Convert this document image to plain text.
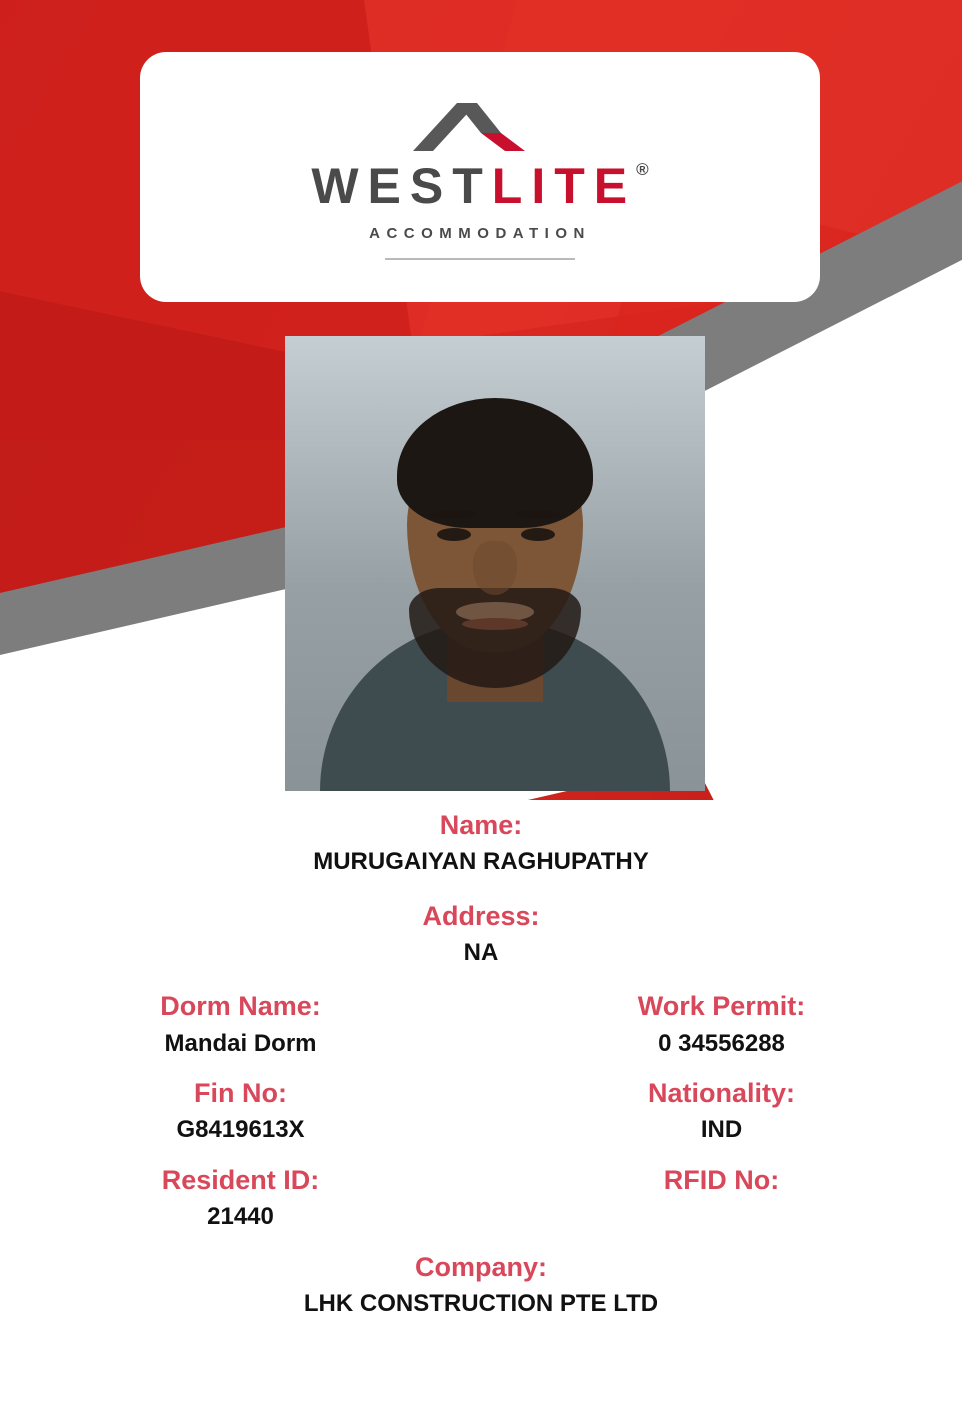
WESTLITE®
ACCOMMODATION
Name:
MURUGAIYAN RAGHUPATHY
Address:
NA
Dorm Name:
Mandai Dorm
Work Permit:
0 34556288
Fin No:
G8419613X
Nationality:
IND
Resident ID:
21440
RFID No:
Company:
LHK CONSTRUCTION PTE LTD
